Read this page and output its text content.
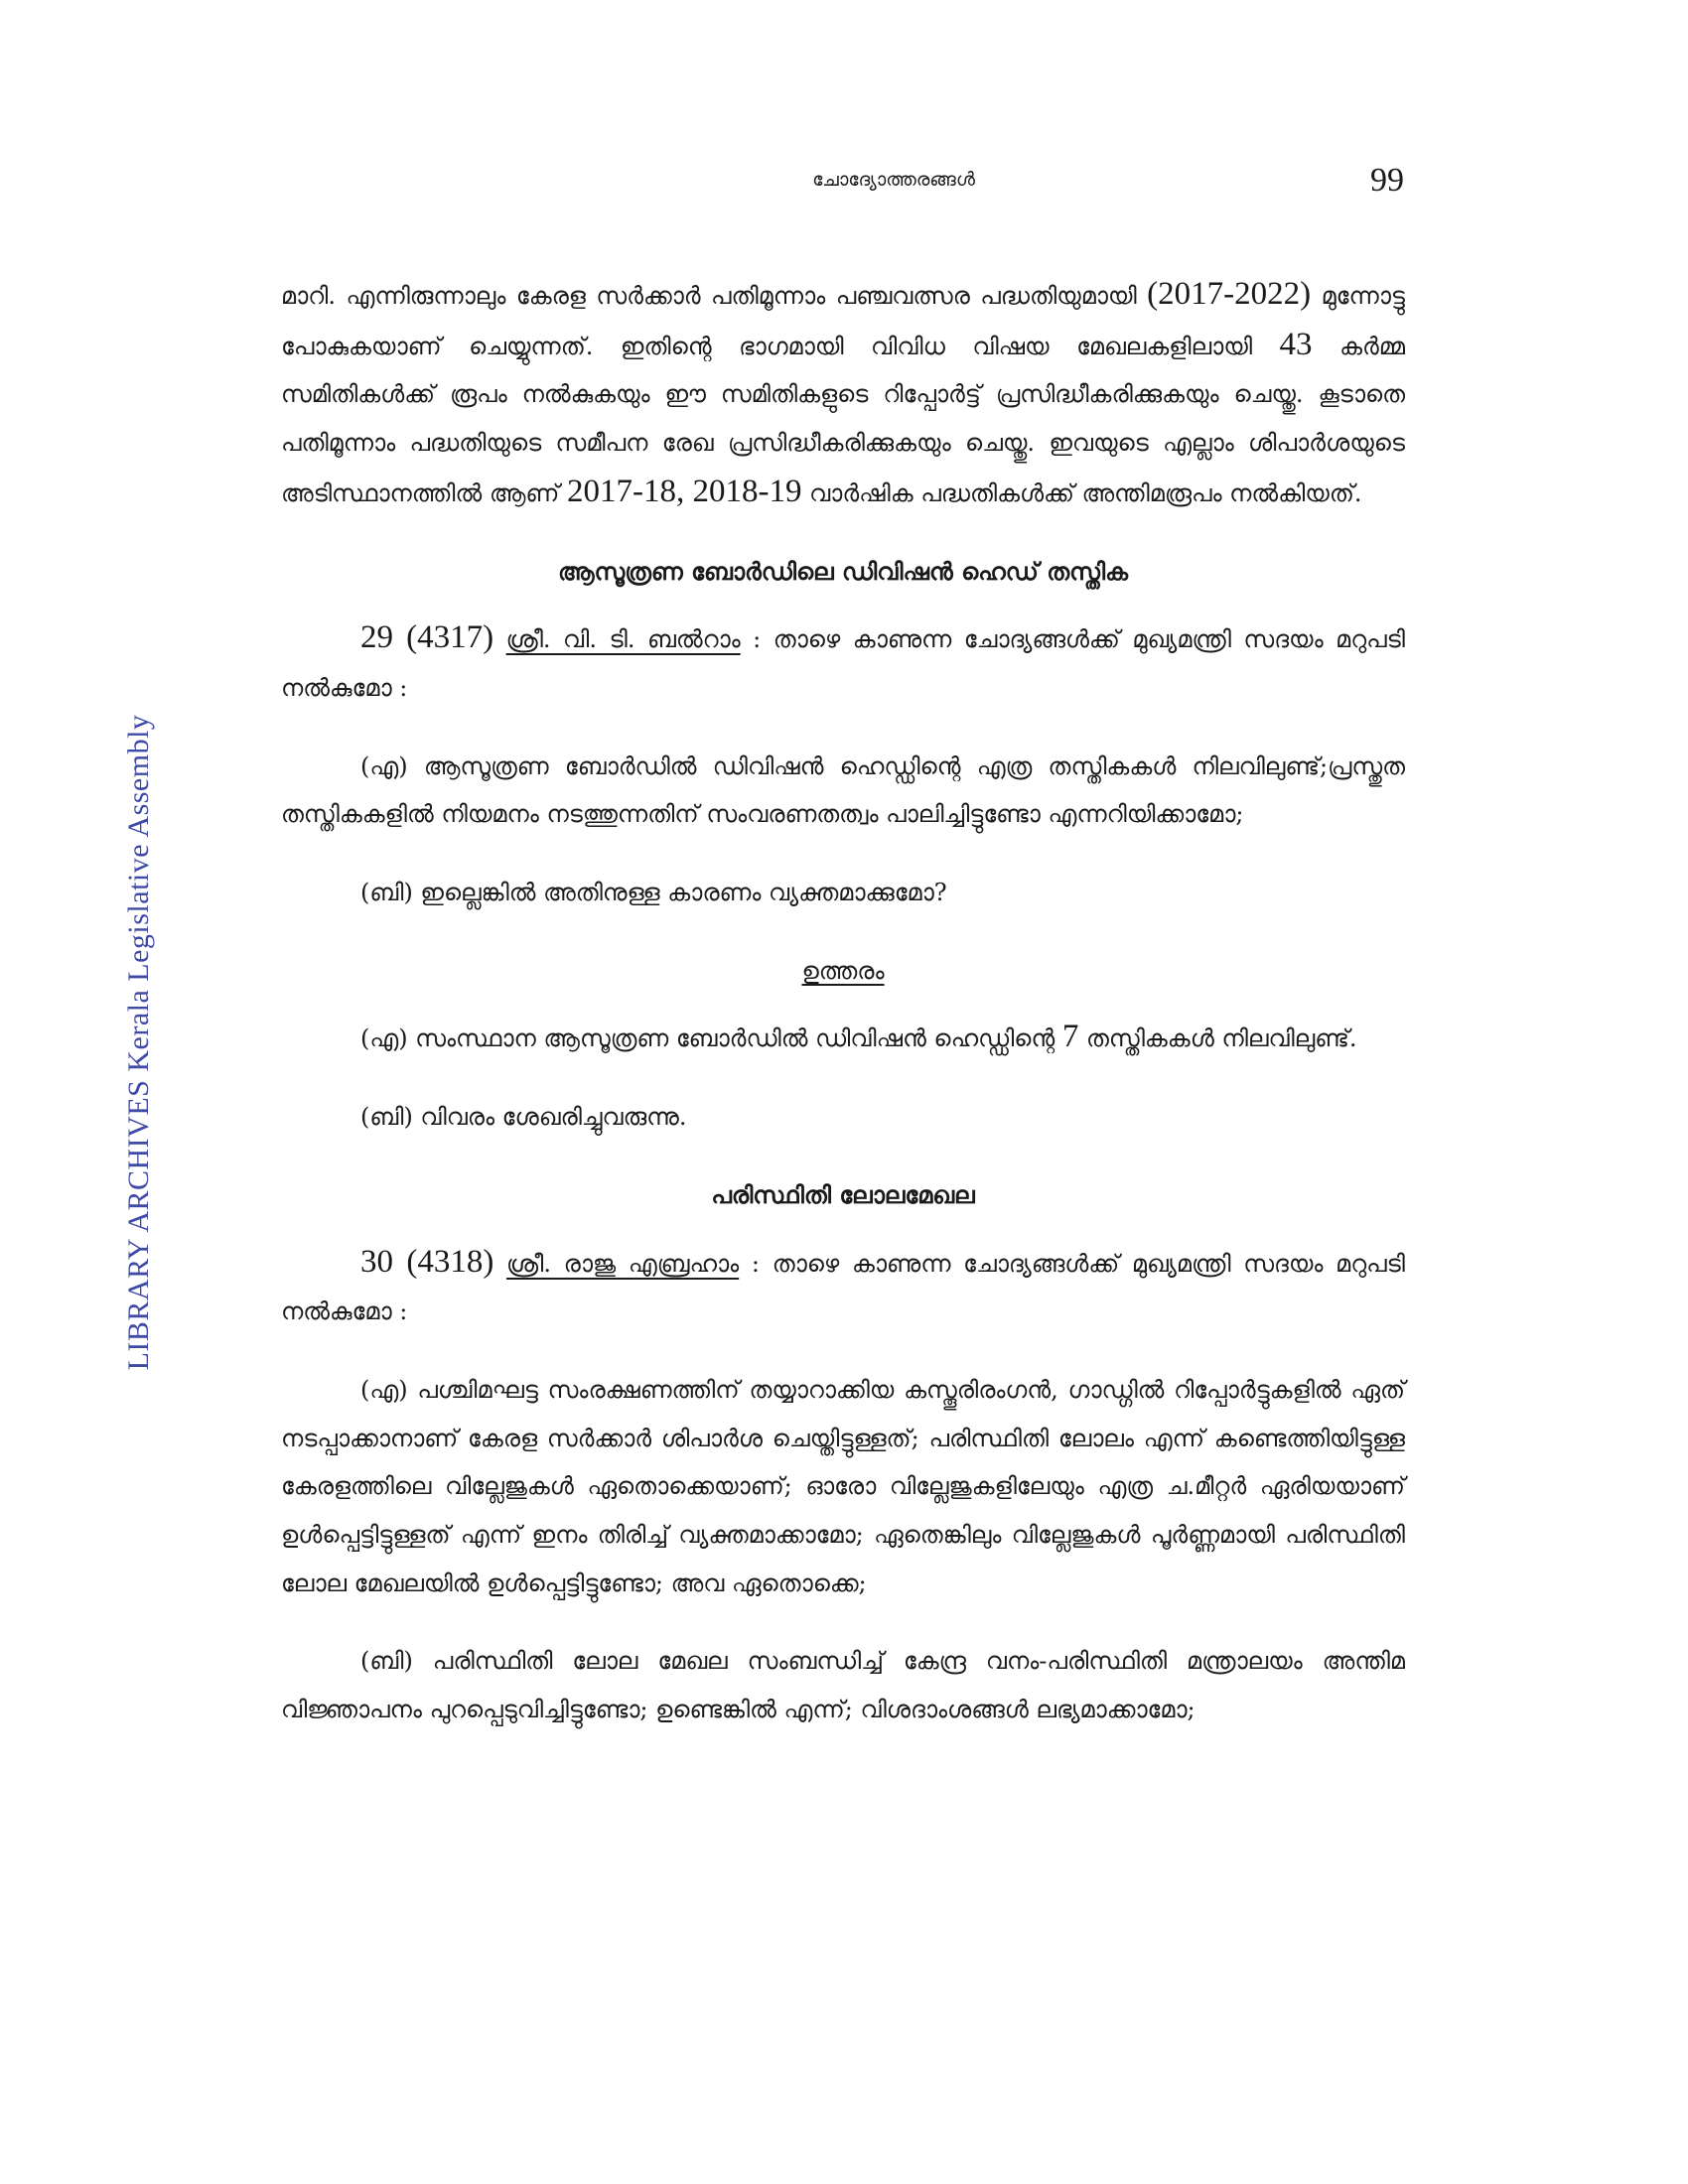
LIBRARY ARCHIVES Kerala Legislative Assembly
ചോദ്യോത്തരങ്ങൾ	99

മാറി. എന്നിരുന്നാലും കേരള സർക്കാർ പതിമൂന്നാം പഞ്ചവത്സര പദ്ധതിയുമായി (2017-2022) മുന്നോട്ടു പോകുകയാണ് ചെയ്യുന്നത്. ഇതിന്റെ ഭാഗമായി വിവിധ വിഷയ മേഖലകളിലായി 43 കർമ്മ സമിതികൾക്ക് രൂപം നൽകുകയും ഈ സമിതികളുടെ റിപ്പോർട്ട് പ്രസിദ്ധീകരിക്കുകയും ചെയ്തു. കൂടാതെ പതിമൂന്നാം പദ്ധതിയുടെ സമീപന രേഖ പ്രസിദ്ധീകരിക്കുകയും ചെയ്തു. ഇവയുടെ എല്ലാം ശിപാർശയുടെ അടിസ്ഥാനത്തിൽ ആണ് 2017-18, 2018-19 വാർഷിക പദ്ധതികൾക്ക് അന്തിമരൂപം നൽകിയത്.

ആസൂത്രണ ബോർഡിലെ ഡിവിഷൻ ഹെഡ് തസ്തിക

29 (4317) ശ്രീ. വി. ടി. ബൽറാം : താഴെ കാണുന്ന ചോദ്യങ്ങൾക്ക് മുഖ്യമന്ത്രി സദയം മറുപടി നൽകുമോ :

(എ) ആസൂത്രണ ബോർഡിൽ ഡിവിഷൻ ഹെഡ്ഡിന്റെ എത്ര തസ്തികകൾ നിലവിലുണ്ട്;പ്രസ്തുത തസ്തികകളിൽ നിയമനം നടത്തുന്നതിന് സംവരണതത്വം പാലിച്ചിട്ടുണ്ടോ എന്നറിയിക്കാമോ;

(ബി) ഇല്ലെങ്കിൽ അതിനുള്ള കാരണം വ്യക്തമാക്കുമോ?

ഉത്തരം

(എ) സംസ്ഥാന ആസൂത്രണ ബോർഡിൽ ഡിവിഷൻ ഹെഡ്ഡിന്റെ 7 തസ്തികകൾ നിലവിലുണ്ട്.

(ബി) വിവരം ശേഖരിച്ചുവരുന്നു.

പരിസ്ഥിതി ലോലമേഖല

30 (4318) ശ്രീ. രാജു എബ്രഹാം : താഴെ കാണുന്ന ചോദ്യങ്ങൾക്ക് മുഖ്യമന്ത്രി സദയം മറുപടി നൽകുമോ :

(എ) പശ്ചിമഘട്ട സംരക്ഷണത്തിന് തയ്യാറാക്കിയ കസ്തൂരിരംഗൻ, ഗാഡ്ഗിൽ റിപ്പോർട്ടുകളിൽ ഏത് നടപ്പാക്കാനാണ് കേരള സർക്കാർ ശിപാർശ ചെയ്തിട്ടുള്ളത്; പരിസ്ഥിതി ലോലം എന്ന് കണ്ടെത്തിയിട്ടുള്ള കേരളത്തിലെ വില്ലേജുകൾ ഏതൊക്കെയാണ്; ഓരോ വില്ലേജുകളിലേയും എത്ര ച.മീറ്റർ ഏരിയയാണ് ഉൾപ്പെട്ടിട്ടുള്ളത് എന്ന് ഇനം തിരിച്ച് വ്യക്തമാക്കാമോ; ഏതെങ്കിലും വില്ലേജുകൾ പൂർണ്ണമായി പരിസ്ഥിതി ലോല മേഖലയിൽ ഉൾപ്പെട്ടിട്ടുണ്ടോ; അവ ഏതൊക്കെ;

(ബി) പരിസ്ഥിതി ലോല മേഖല സംബന്ധിച്ച് കേന്ദ്ര വനം-പരിസ്ഥിതി മന്ത്രാലയം അന്തിമ വിജ്ഞാപനം പുറപ്പെടുവിച്ചിട്ടുണ്ടോ; ഉണ്ടെങ്കിൽ എന്ന്; വിശദാംശങ്ങൾ ലഭ്യമാക്കാമോ;
